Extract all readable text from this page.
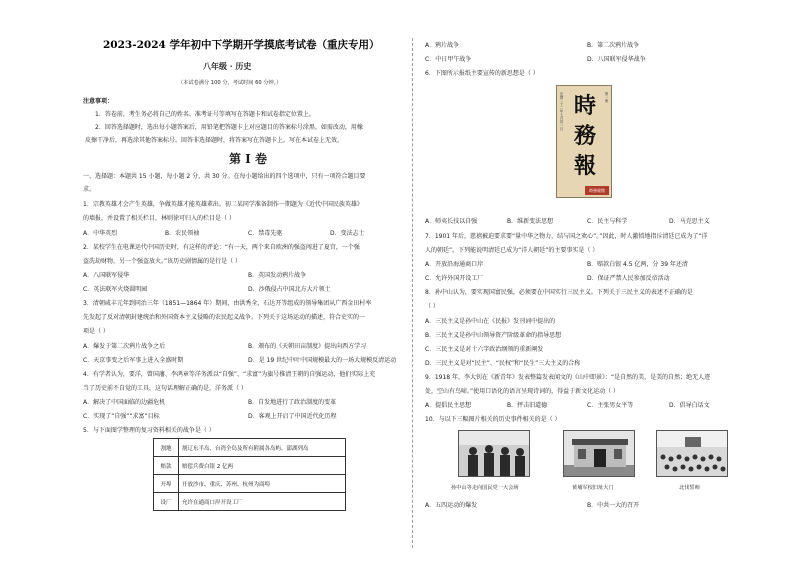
2023-2024 学年初中下学期开学摸底考试卷（重庆专用）
八年级 · 历史
（本试卷满分 100 分，考试时间 60 分钟。）
注意事项：
1．答卷前，考生务必将自己的姓名、准考证号等填写在答题卡和试卷指定位置上。
2．回答选择题时，选出每小题答案后，用铅笔把答题卡上对应题目的答案标号涂黑。如需改动，用橡
皮擦干净后，再选涂其他答案标号。回答非选择题时，将答案写在答题卡上。写在本试卷上无效。
第 I 卷
一、选择题：本题共 15 小题，每小题 2 分，共 30 分。在每小题给出的四个选项中，只有一项符合题目要
求。
1．宗教英雄才会产生英雄，争做英雄才能英雄辈出。初二某同学准备制作一期题为《近代中国民族英雄》
的墙报，并设置了相关栏目，林则徐可归入的栏目是（ ）
A．中华英烈	B．农民领袖	C．禁毒先驱	D．变法志士
2．某校学生在电课运代中国历史时，有这样的评论：“有一天，两个来自欧洲的强盗闯进了夏宫，一个强
盗洗劫财物，另一个强盗放火。”该历史剧情属的是行是（ ）
A．八国联军侵华	B．英国发动鸦片战争
C．英法联军火烧圆明园	D．沙俄侵占中国北方大片领土
3．清朝咸丰元年到同治三年（1851—1864 年）期间，由洪秀全、石达开等组成的领导集团从广西金田村率
先发起了反对清朝封建统治和外国资本主义侵略的农民起义战争。下列关于这场运动的描述，符合史实的一
项是（ ）
A．爆发于第二次鸦片战争之后	B．颁布的《天朝田亩制度》提出向西方学习
C．天京事变之后军事上进入全盛时期	D．是 19 世纪中叶中国规模最大的一场大规模反清运动
4．有学者认为，要洋，曾国藩、李鸿章等洋务派以“自强”、“求富”为旗号推清王朝的自强运动，他们实际上充
当了历史前不自觉的工具，这句话理解正确的是，洋务派（ ）
A．解决了中国面临的边疆危机	B．自发地进行了政治制度的变革
C．实现了“自强”“求富”目标	D．客观上开启了中国近代化历程
5．与下面图学整理的复习资料相关的战争是（ ）
割地	割辽东半岛、台湾全岛及所有附属各岛屿、澎湖列岛
赔款	赔偿兵费白银 2 亿两
开埠	开放沙市、重庆、苏州、杭州为商埠
设厂	允许在通商口岸开设工厂
A．鸦片战争	B．第二次鸦片战争
C．中日甲午战争	D．八国联军侵华战争
6．下图所示报纸主要宣传的新思想是（ ）
第一冊
光緒二十二年七月初一日 時
務
報
時務報館
A．师夷长技以自强	B．维新变法思想	C．民主与科学	D．马克思主义
7．1901 年后，慈禧被迫要求要“量中华之物力，结与国之欢心”。”因此，时人激愤地指斥清廷已成为了“洋
人的朝廷”。下列能说明清廷已成为“洋人朝廷”的主要事实是（ ）
A．开放沿海通商口岸	B．赔款白银 4.5 亿两，分 39 年还清
C．允许外国开设工厂	D．保证严禁人民参加反帝活动
8．孙中山认为，要实现国富民强，必须要在中国实行三民主义。下列关于三民主义的表述不正确的是
（ ）
A．三民主义是孙中山在《民报》发刊词中提出的
B．三民主义是孙中山领导资产阶级革命的指导思想
C．三民主义是对十六字政治纲领的重新阐发
D．三民主义是对“民主”、“民权”和“民生”三大主义的合称
9．1918 年，李大钊在《新青年》发表整篇发表闻文的《山中即景》：“是自然的美，是美的自然；绝无人迹
处，空山有鸟啼。”使用口语化的语言呈现诗词的，得益于新文化运动（ ）
A．提倡民主思想	B．抨击旧道德	C．主张男女平等	D．倡导白话文
10．与以下三幅图片相关的历史事件相关的是（ ）
孙中山等走向国民党一大会场	黄埔军校旧址大门	北伐誓师
A．五四运动的爆发	B．中共一大的召开
